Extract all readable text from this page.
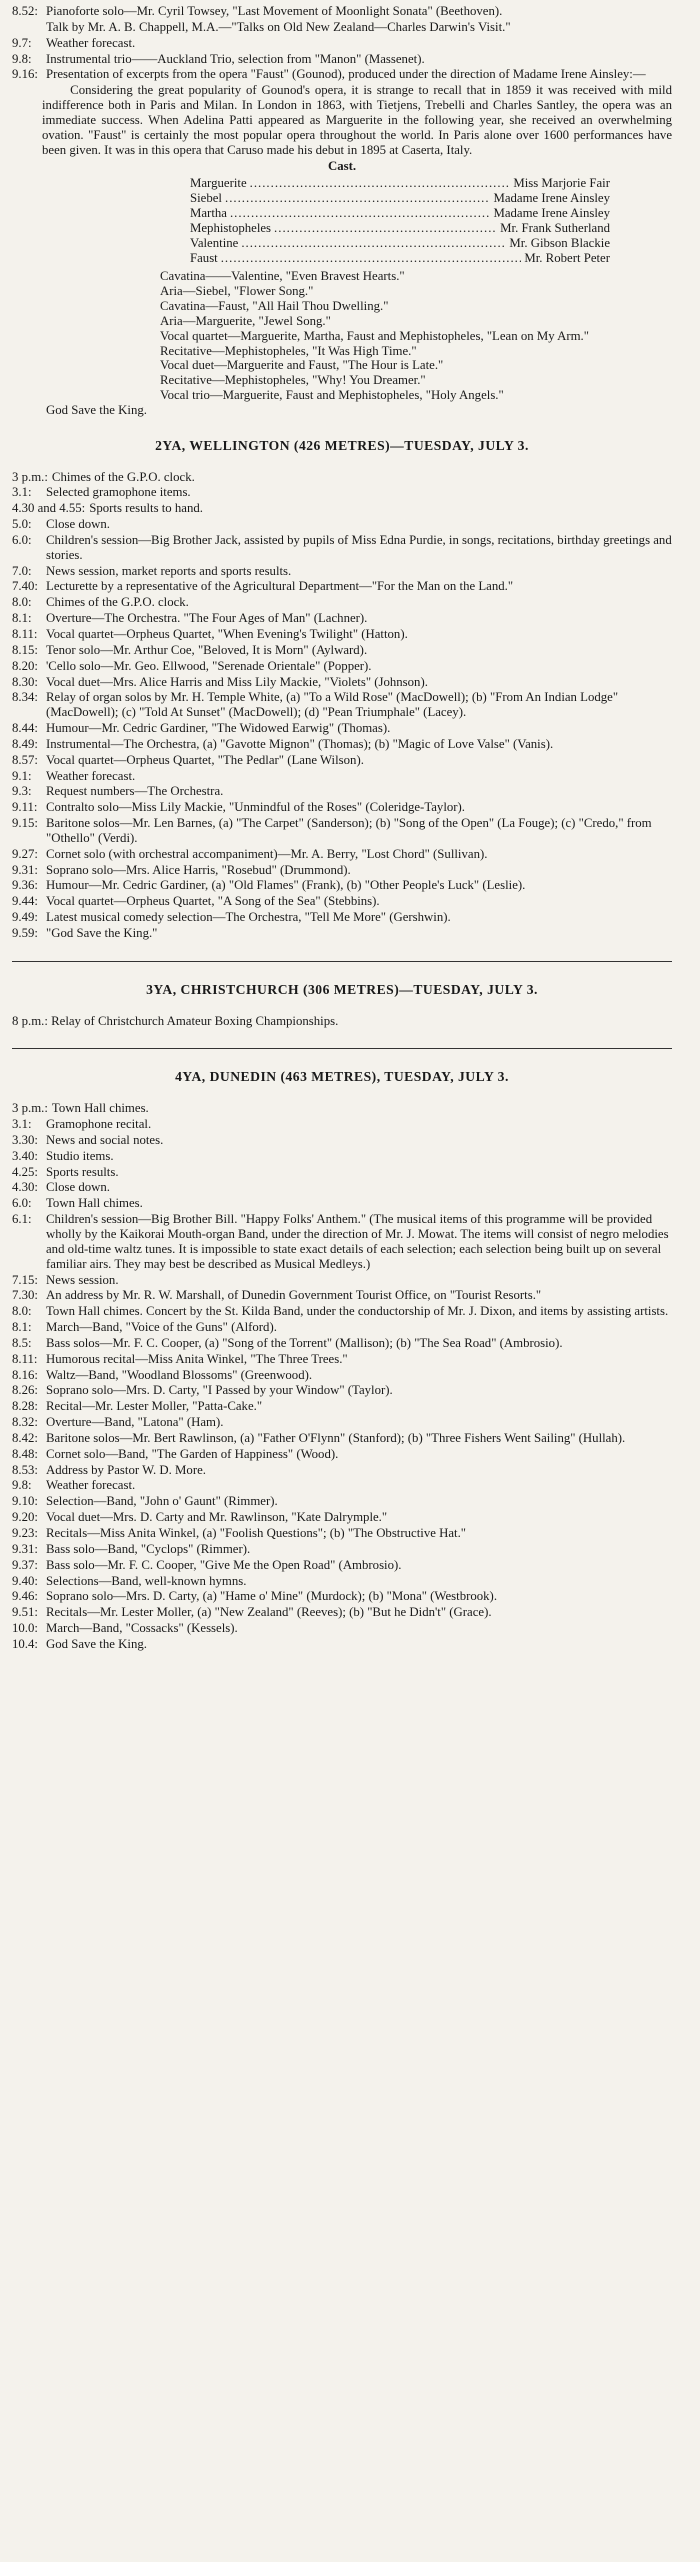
8.52: Pianoforte solo—Mr. Cyril Towsey, "Last Movement of Moonlight Sonata" (Beethoven).
Talk by Mr. A. B. Chappell, M.A.—"Talks on Old New Zealand—Charles Darwin's Visit."
9.7:	Weather forecast.
9.8:	Instrumental trio——Auckland Trio, selection from "Manon" (Massenet).
9.16: Presentation of excerpts from the opera "Faust" (Gounod), produced under the direction of Madame Irene Ainsley:—

Considering the great popularity of Gounod's opera, it is strange to recall that in 1859 it was received with mild indifference both in Paris and Milan. In London in 1863, with Tietjens, Trebelli and Charles Santley, the opera was an immediate success. When Adelina Patti appeared as Marguerite in the following year, she received an overwhelming ovation. "Faust" is certainly the most popular opera throughout the world. In Paris alone over 1600 performances have been given. It was in this opera that Caruso made his debut in 1895 at Caserta, Italy.

Cast.
Marguerite .....	Miss Marjorie Fair
Siebel .....	Madame Irene Ainsley
Martha .....	Madame Irene Ainsley
Mephistopheles .....	Mr. Frank Sutherland
Valentine .....	Mr. Gibson Blackie
Faust .....	Mr. Robert Peter
Cavatina——Valentine, "Even Bravest Hearts."
Aria—Siebel, "Flower Song."
Cavatina—Faust, "All Hail Thou Dwelling."
Aria—Marguerite, "Jewel Song."
Vocal quartet—Marguerite, Martha, Faust and Mephistopheles, "Lean on My Arm."
Recitative—Mephistopheles, "It Was High Time."
Vocal duet—Marguerite and Faust, "The Hour is Late."
Recitative—Mephistopheles, "Why! You Dreamer."
Vocal trio—Marguerite, Faust and Mephistopheles, "Holy Angels."
God Save the King.
2YA, WELLINGTON (426 METRES)—TUESDAY, JULY 3.
3 p.m.: Chimes of the G.P.O. clock.
3.1:	Selected gramophone items.
4.30 and 4.55: Sports results to hand.
5.0:	Close down.
6.0:	Children's session—Big Brother Jack, assisted by pupils of Miss Edna Purdie, in songs, recitations, birthday greetings and stories.
7.0:	News session, market reports and sports results.
7.40: Lecturette by a representative of the Agricultural Department—"For the Man on the Land."
8.0:	Chimes of the G.P.O. clock.
8.1:	Overture—The Orchestra. "The Four Ages of Man" (Lachner).
8.11: Vocal quartet—Orpheus Quartet, "When Evening's Twilight" (Hatton).
8.15: Tenor solo—Mr. Arthur Coe, "Beloved, It is Morn" (Aylward).
8.20: 'Cello solo—Mr. Geo. Ellwood, "Serenade Orientale" (Popper).
8.30: Vocal duet—Mrs. Alice Harris and Miss Lily Mackie, "Violets" (Johnson).
8.34: Relay of organ solos by Mr. H. Temple White, (a) "To a Wild Rose" (MacDowell); (b) "From An Indian Lodge" (MacDowell); (c) "Told At Sunset" (MacDowell); (d) "Pean Triumphale" (Lacey).
8.44: Humour—Mr. Cedric Gardiner, "The Widowed Earwig" (Thomas).
8.49: Instrumental—The Orchestra, (a) "Gavotte Mignon" (Thomas); (b) "Magic of Love Valse" (Vanis).
8.57: Vocal quartet—Orpheus Quartet, "The Pedlar" (Lane Wilson).
9.1:	Weather forecast.
9.3:	Request numbers—The Orchestra.
9.11: Contralto solo—Miss Lily Mackie, "Unmindful of the Roses" (Coleridge-Taylor).
9.15: Baritone solos—Mr. Len Barnes, (a) "The Carpet" (Sanderson); (b) "Song of the Open" (La Fouge); (c) "Credo," from "Othello" (Verdi).
9.27: Cornet solo (with orchestral accompaniment)—Mr. A. Berry, "Lost Chord" (Sullivan).
9.31: Soprano solo—Mrs. Alice Harris, "Rosebud" (Drummond).
9.36: Humour—Mr. Cedric Gardiner, (a) "Old Flames" (Frank), (b) "Other People's Luck" (Leslie).
9.44: Vocal quartet—Orpheus Quartet, "A Song of the Sea" (Stebbins).
9.49: Latest musical comedy selection—The Orchestra, "Tell Me More" (Gershwin).
9.59: "God Save the King."
3YA, CHRISTCHURCH (306 METRES)—TUESDAY, JULY 3.
8 p.m.: Relay of Christchurch Amateur Boxing Championships.
4YA, DUNEDIN (463 METRES), TUESDAY, JULY 3.
3 p.m.: Town Hall chimes.
3.1:	Gramophone recital.
3.30: News and social notes.
3.40: Studio items.
4.25: Sports results.
4.30: Close down.
6.0:	Town Hall chimes.
6.1:	Children's session—Big Brother Bill. "Happy Folks' Anthem." (The musical items of this programme will be provided wholly by the Kaikorai Mouth-organ Band, under the direction of Mr. J. Mowat. The items will consist of negro melodies and old-time waltz tunes. It is impossible to state exact details of each selection; each selection being built up on several familiar airs. They may best be described as Musical Medleys.)
7.15: News session.
7.30: An address by Mr. R. W. Marshall, of Dunedin Government Tourist Office, on "Tourist Resorts."
8.0:	Town Hall chimes. Concert by the St. Kilda Band, under the conductorship of Mr. J. Dixon, and items by assisting artists.
8.1:	March—Band, "Voice of the Guns" (Alford).
8.5:	Bass solos—Mr. F. C. Cooper, (a) "Song of the Torrent" (Mallison); (b) "The Sea Road" (Ambrosio).
8.11: Humorous recital—Miss Anita Winkel, "The Three Trees."
8.16: Waltz—Band, "Woodland Blossoms" (Greenwood).
8.26: Soprano solo—Mrs. D. Carty, "I Passed by your Window" (Taylor).
8.28: Recital—Mr. Lester Moller, "Patta-Cake."
8.32: Overture—Band, "Latona" (Ham).
8.42: Baritone solos—Mr. Bert Rawlinson, (a) "Father O'Flynn" (Stanford); (b) "Three Fishers Went Sailing" (Hullah).
8.48: Cornet solo—Band, "The Garden of Happiness" (Wood).
8.53: Address by Pastor W. D. More.
9.8:	Weather forecast.
9.10: Selection—Band, "John o' Gaunt" (Rimmer).
9.20: Vocal duet—Mrs. D. Carty and Mr. Rawlinson, "Kate Dalrymple."
9.23: Recitals—Miss Anita Winkel, (a) "Foolish Questions"; (b) "The Obstructive Hat."
9.31: Bass solo—Band, "Cyclops" (Rimmer).
9.37: Bass solo—Mr. F. C. Cooper, "Give Me the Open Road" (Ambrosio).
9.40: Selections—Band, well-known hymns.
9.46: Soprano solo—Mrs. D. Carty, (a) "Hame o' Mine" (Murdock); (b) "Mona" (Westbrook).
9.51: Recitals—Mr. Lester Moller, (a) "New Zealand" (Reeves); (b) "But he Didn't" (Grace).
10.0: March—Band, "Cossacks" (Kessels).
10.4: God Save the King.
